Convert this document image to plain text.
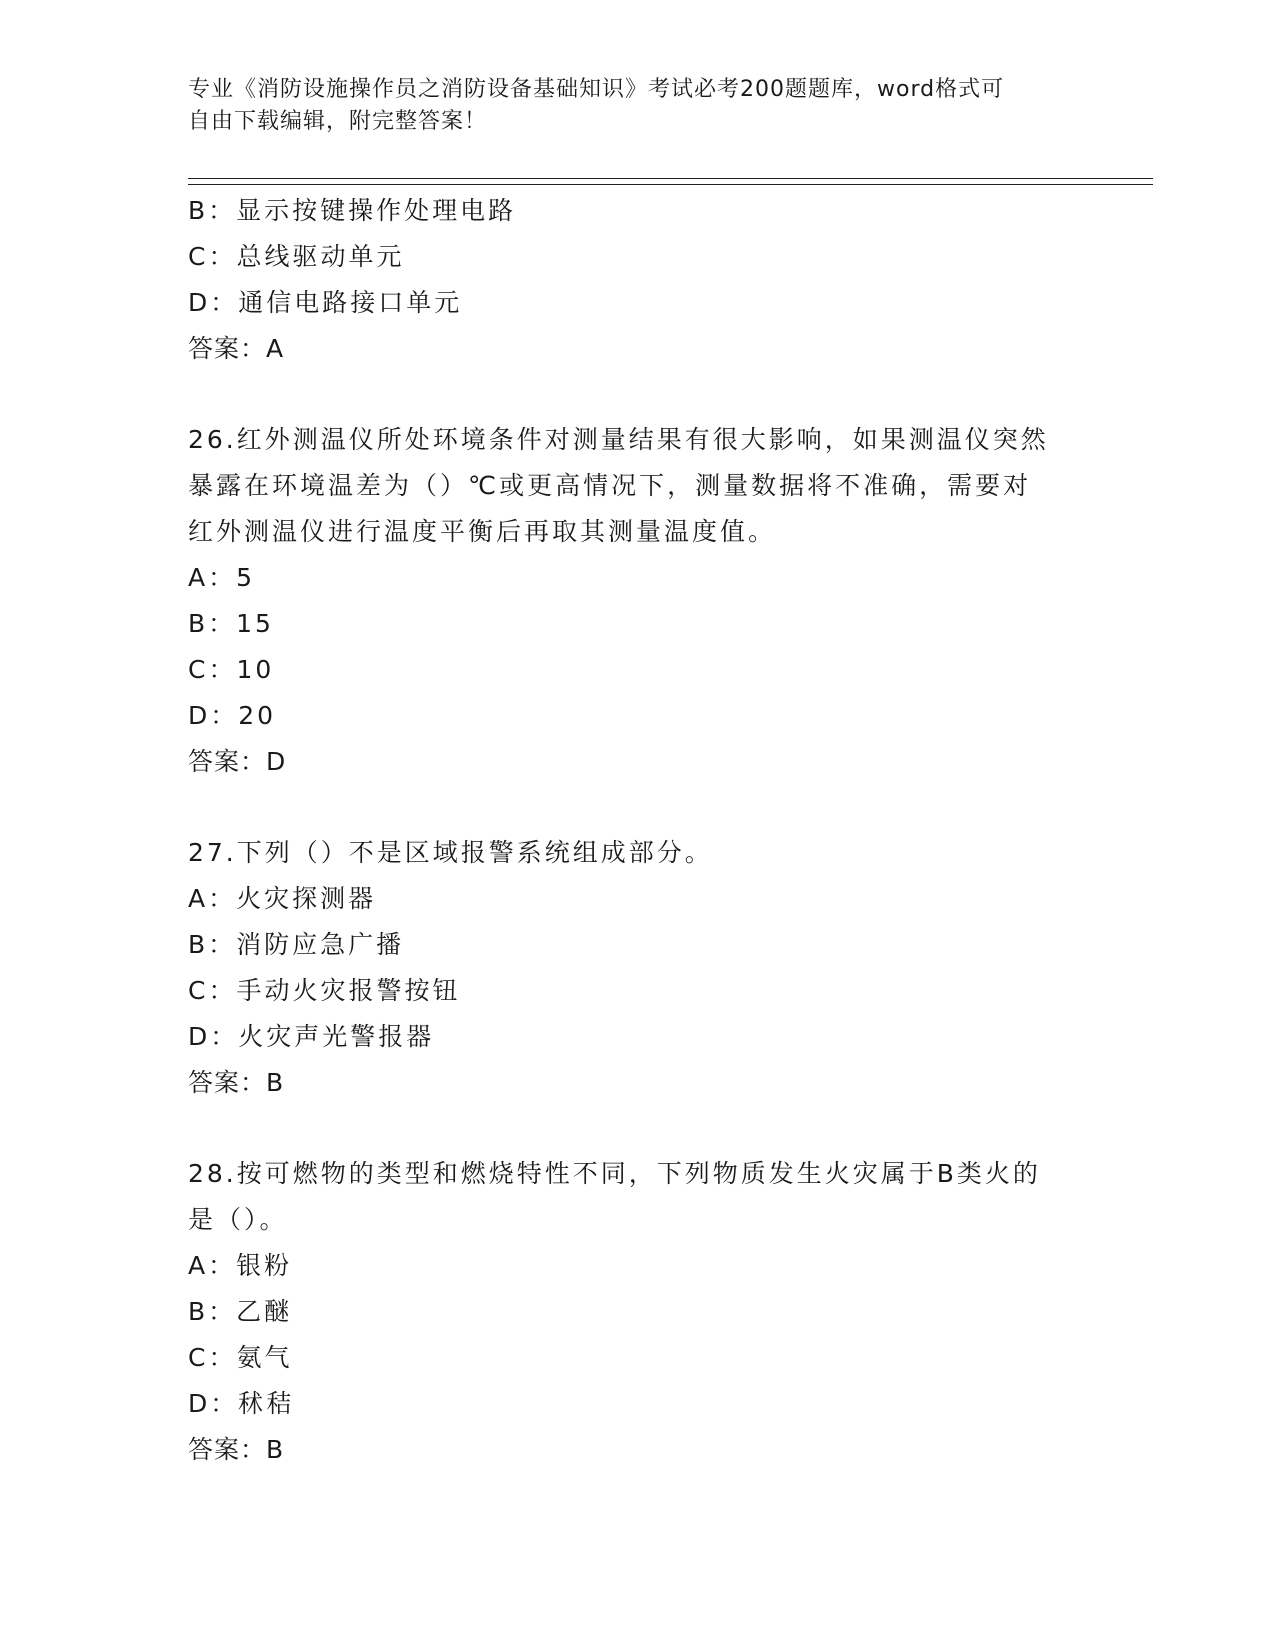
专业《消防设施操作员之消防设备基础知识》考试必考200题题库，word格式可
自由下载编辑，附完整答案！
B：显示按键操作处理电路
C：总线驱动单元
D：通信电路接口单元
答案：A
26.红外测温仪所处环境条件对测量结果有很大影响，如果测温仪突然
暴露在环境温差为（）℃或更高情况下，测量数据将不准确，需要对
红外测温仪进行温度平衡后再取其测量温度值。
A：5
B：15
C：10
D：20
答案：D
27.下列（）不是区域报警系统组成部分。
A：火灾探测器
B：消防应急广播
C：手动火灾报警按钮
D：火灾声光警报器
答案：B
28.按可燃物的类型和燃烧特性不同，下列物质发生火灾属于B类火的
是（）。
A：银粉
B：乙醚
C：氨气
D：秫秸
答案：B
